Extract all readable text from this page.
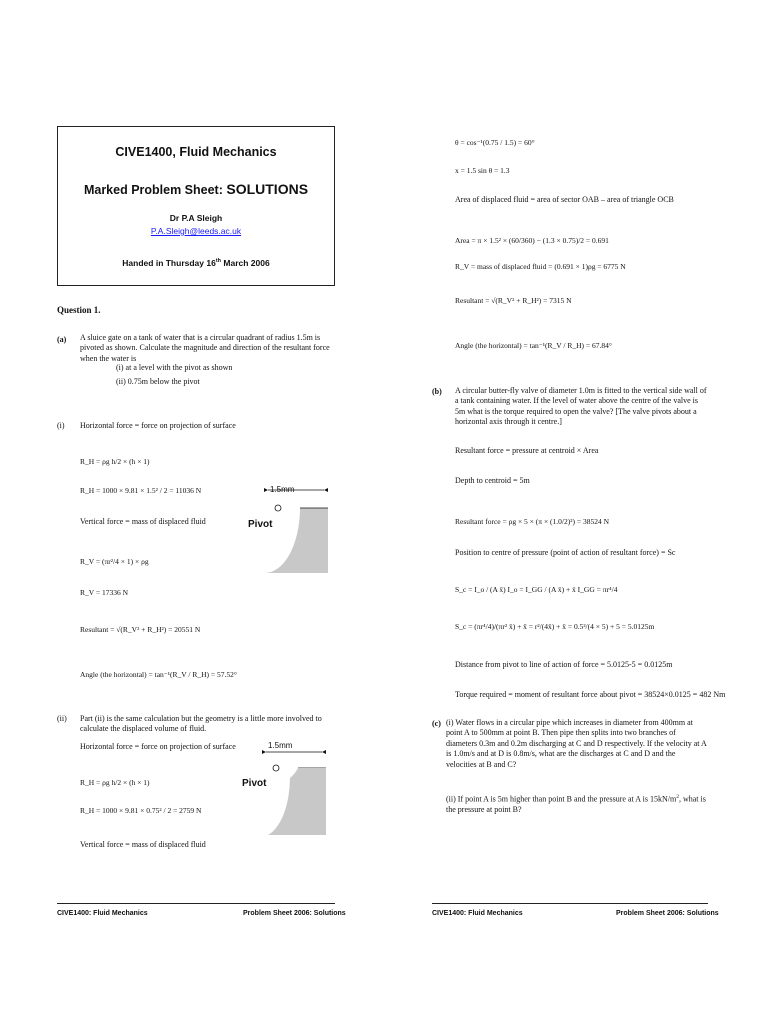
CIVE1400, Fluid Mechanics
Marked Problem Sheet: SOLUTIONS
Dr P.A Sleigh
P.A.Sleigh@leeds.ac.uk
Handed in Thursday 16th March 2006
Question 1.
(a) A sluice gate on a tank of water that is a circular quadrant of radius 1.5m is pivoted as shown. Calculate the magnitude and direction of the resultant force when the water is
(i) at a level with the pivot as shown
(ii) 0.75m below the pivot
(i) Horizontal force = force on projection of surface
R_H = ρg h/2 × (h × 1)
R_H = 1000 × 9.81 × 1.5² / 2 = 11036 N
Vertical force = mass of displaced fluid
R_V = (πr²/4 × 1) × ρg
R_V = 17336 N
Resultant = √(R_V² + R_H²) = 20551 N
Angle (the horizontal) = tan⁻¹(R_V / R_H) = 57.52°
1.5mm
Pivot
(ii) Part (ii) is the same calculation but the geometry is a little more involved to calculate the displaced volume of fluid.
Horizontal force = force on projection of surface
R_H = ρg h/2 × (h × 1)
R_H = 1000 × 9.81 × 0.75² / 2 = 2759 N
Vertical force = mass of displaced fluid
1.5mm
Pivot
CIVE1400: Fluid Mechanics	Problem Sheet 2006: Solutions
θ = cos⁻¹(0.75 / 1.5) = 60°
x = 1.5 sin θ = 1.3
Area of displaced fluid = area of sector OAB – area of triangle OCB
Area = π × 1.5² × (60/360) − (1.3 × 0.75)/2 = 0.691
R_V = mass of displaced fluid = (0.691 × 1)ρg = 6775 N
Resultant = √(R_V² + R_H²) = 7315 N
Angle (the horizontal) = tan⁻¹(R_V / R_H) = 67.84°
(b) A circular butter-fly valve of diameter 1.0m is fitted to the vertical side wall of a tank containing water. If the level of water above the centre of the valve is 5m what is the torque required to open the valve? [The valve pivots about a horizontal axis through it centre.]
Resultant force = pressure at centroid × Area
Depth to centroid = 5m
Resultant force = ρg × 5 × (π × (1.0/2)²) = 38524 N
Position to centre of pressure (point of action of resultant force) = Sc
S_c = I_o / (A x̄) I_o = I_GG / (A x̄) + x̄ I_GG = πr⁴/4
S_c = (πr⁴/4)/(πr² x̄) + x̄ = r²/(4x̄) + x̄ = 0.5²/(4 × 5) + 5 = 5.0125m
Distance from pivot to line of action of force = 5.0125-5 = 0.0125m
Torque required = moment of resultant force about pivot = 38524×0.0125 = 482 Nm
(c) (i) Water flows in a circular pipe which increases in diameter from 400mm at point A to 500mm at point B. Then pipe then splits into two branches of diameters 0.3m and 0.2m discharging at C and D respectively. If the velocity at A is 1.0m/s and at D is 0.8m/s, what are the discharges at C and D and the velocities at B and C?
(ii) If point A is 5m higher than point B and the pressure at A is $15kN/m^2$, what is the pressure at point B?
CIVE1400: Fluid Mechanics	Problem Sheet 2006: Solutions
